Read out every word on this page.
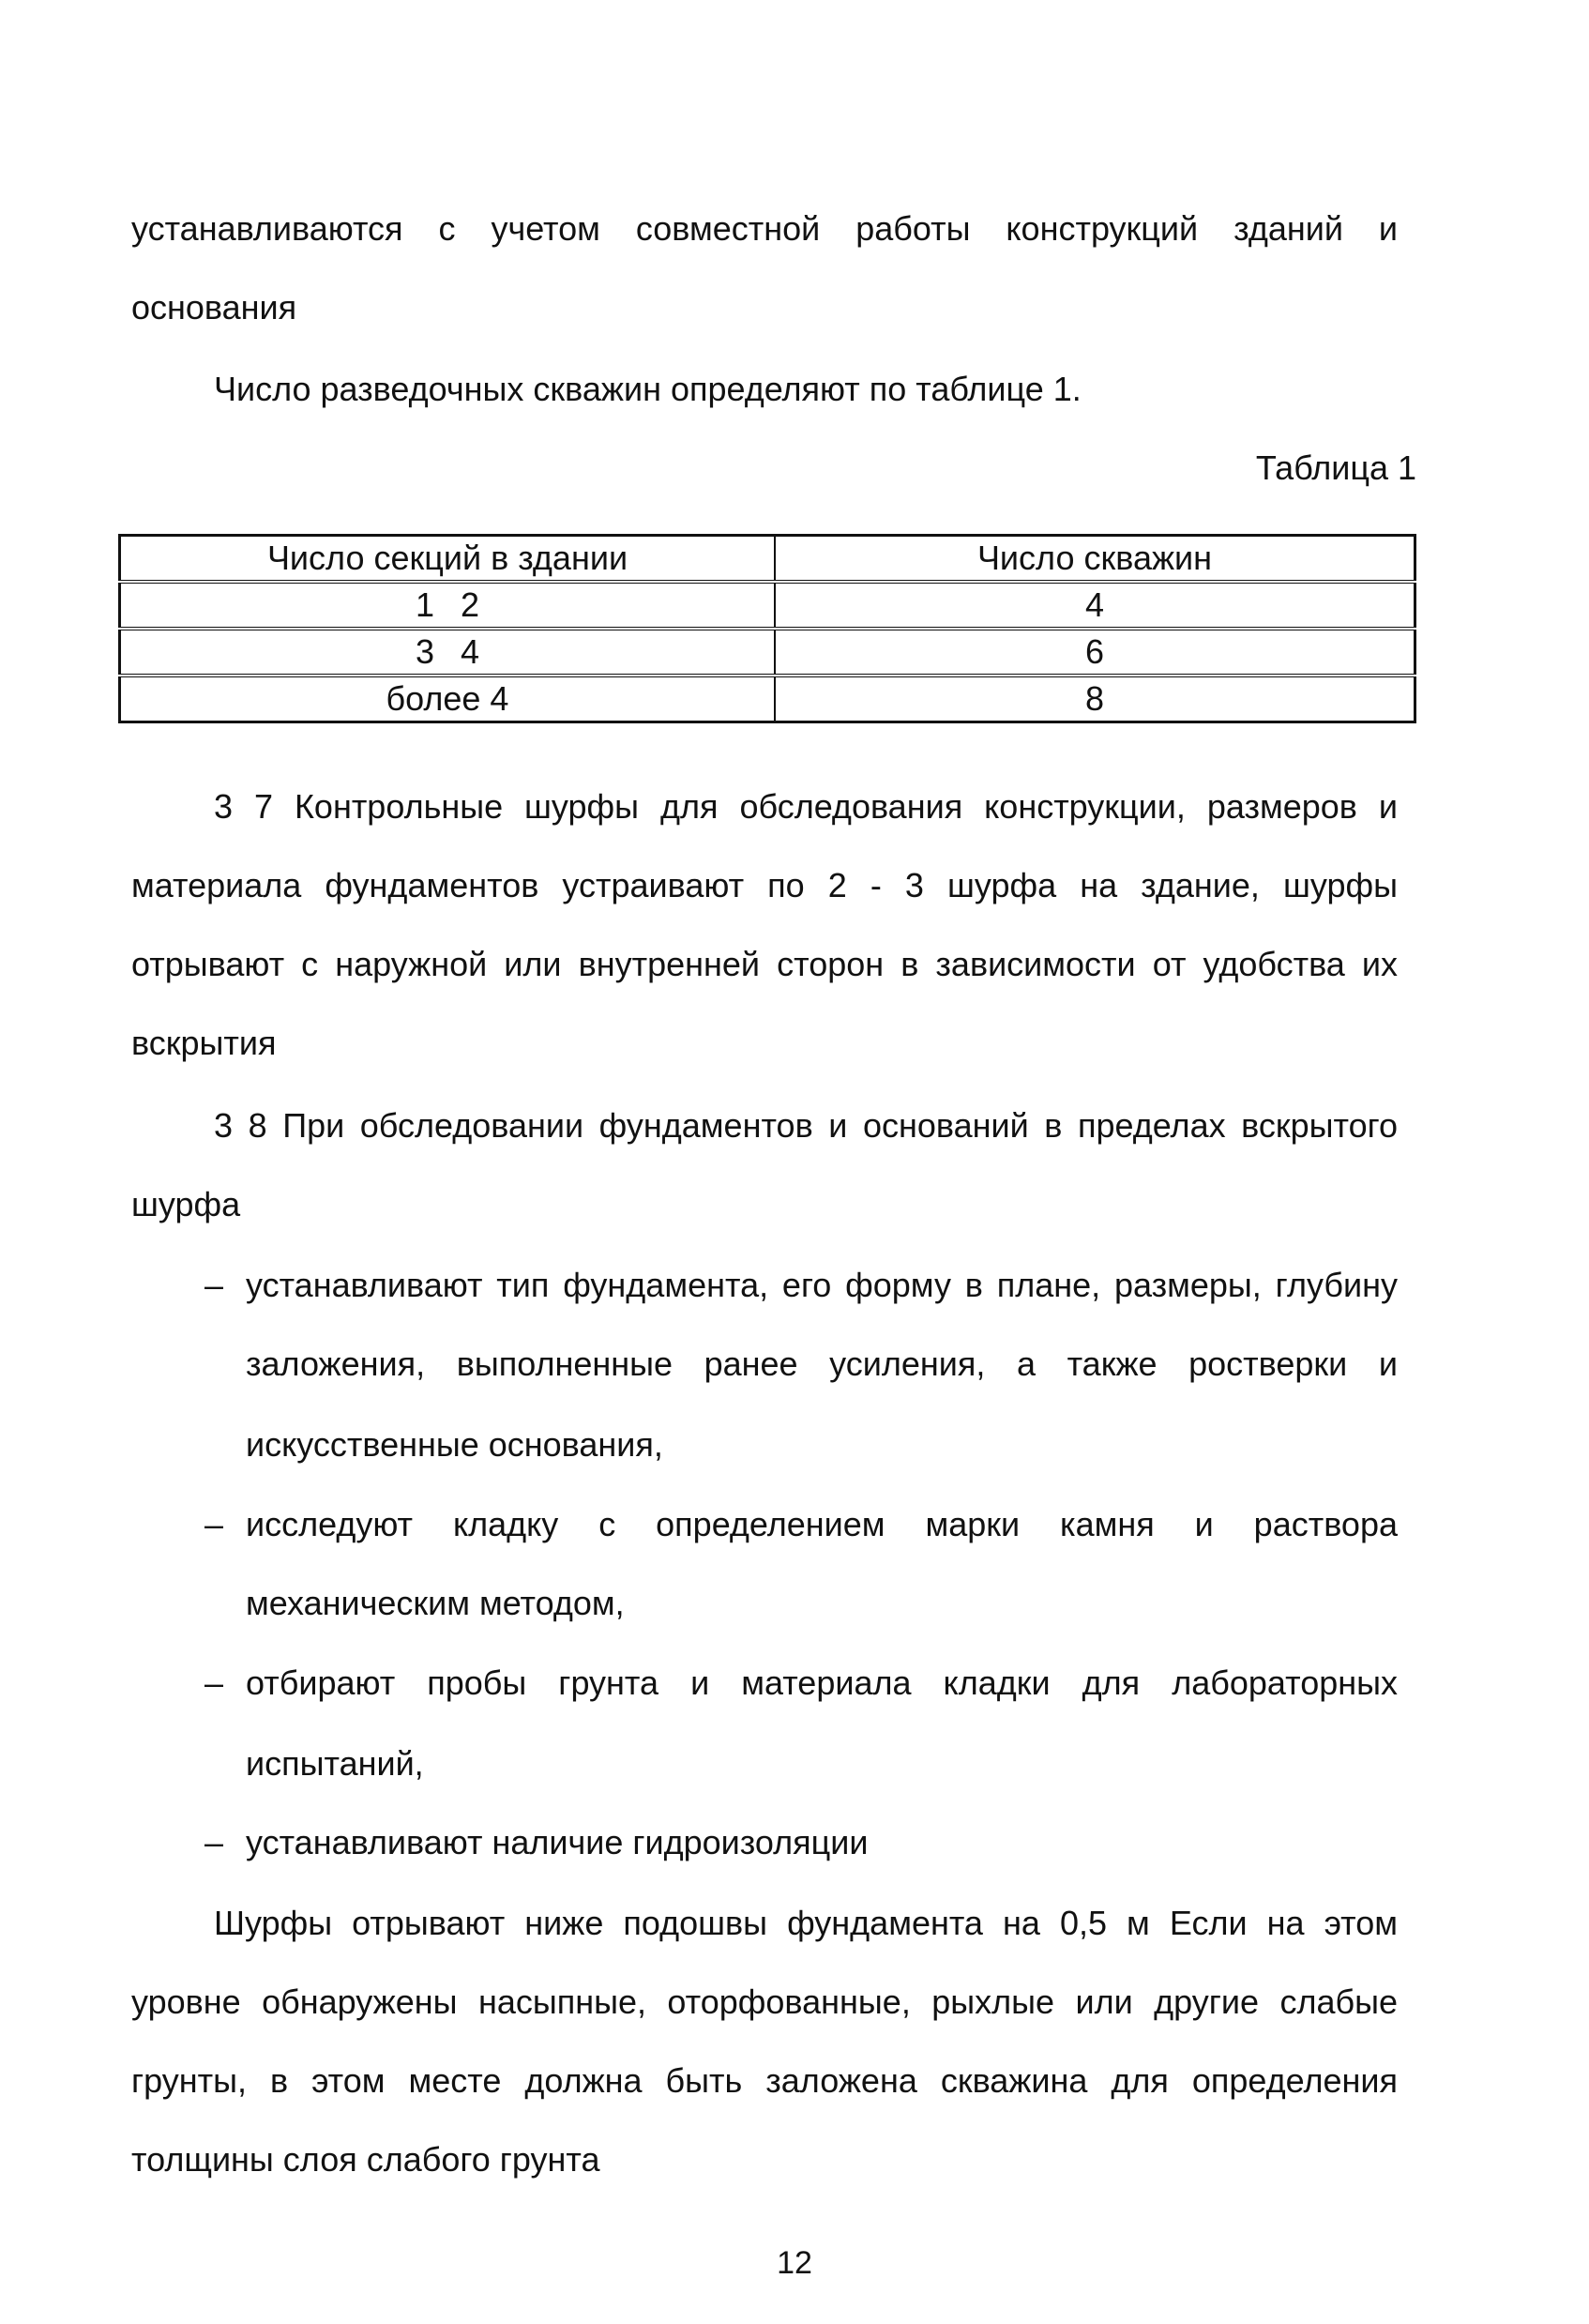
устанавливаются с учетом совместной работы конструкций зданий и
основания
Число разведочных скважин определяют по таблице 1.
Таблица 1
Число секций в здании	Число скважин
1 2	4
3 4	6
более 4	8
3 7 Контрольные шурфы для обследования конструкции, размеров и
материала фундаментов устраивают по 2 - 3 шурфа на здание, шурфы
отрывают с наружной или внутренней сторон в зависимости от удобства их
вскрытия
3 8 При обследовании фундаментов и оснований в пределах вскрытого
шурфа
– устанавливают тип фундамента, его форму в плане, размеры, глубину
заложения, выполненные ранее усиления, а также ростверки и
искусственные основания,
– исследуют кладку с определением марки камня и раствора
механическим методом,
– отбирают пробы грунта и материала кладки для лабораторных
испытаний,
– устанавливают наличие гидроизоляции
Шурфы отрывают ниже подошвы фундамента на 0,5 м Если на этом
уровне обнаружены насыпные, оторфованные, рыхлые или другие слабые
грунты, в этом месте должна быть заложена скважина для определения
толщины слоя слабого грунта
12
